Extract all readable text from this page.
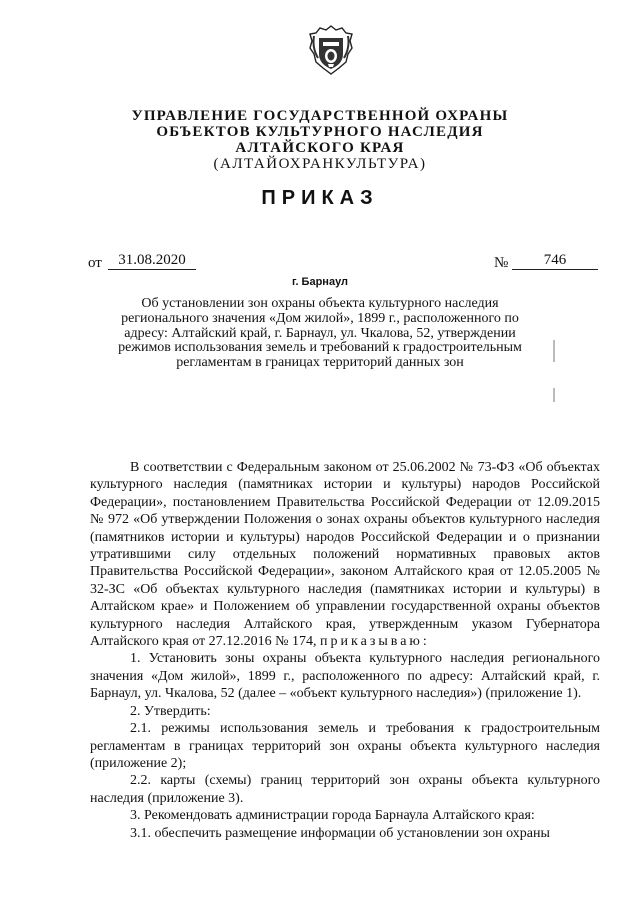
УПРАВЛЕНИЕ ГОСУДАРСТВЕННОЙ ОХРАНЫ
ОБЪЕКТОВ КУЛЬТУРНОГО НАСЛЕДИЯ
АЛТАЙСКОГО КРАЯ
(АЛТАЙОХРАНКУЛЬТУРА)
ПРИКАЗ
от	31.08.2020	№	746
г. Барнаул
Об установлении зон охраны объекта культурного наследия регионального значения «Дом жилой», 1899 г., расположенного по адресу: Алтайский край, г. Барнаул, ул. Чкалова, 52, утверждении режимов использования земель и требований к градостроительным регламентам в границах территорий данных зон

В соответствии с Федеральным законом от 25.06.2002 № 73-ФЗ «Об объектах культурного наследия (памятниках истории и культуры) народов Российской Федерации», постановлением Правительства Российской Федерации от 12.09.2015 № 972 «Об утверждении Положения о зонах охраны объектов культурного наследия (памятников истории и культуры) народов Российской Федерации и о признании утратившими силу отдельных положений нормативных правовых актов Правительства Российской Федерации», законом Алтайского края от 12.05.2005 № 32-ЗС «Об объектах культурного наследия (памятниках истории и культуры) в Алтайском крае» и Положением об управлении государственной охраны объектов культурного наследия Алтайского края, утвержденным указом Губернатора Алтайского края от 27.12.2016 № 174, приказываю:

1. Установить зоны охраны объекта культурного наследия регионального значения «Дом жилой», 1899 г., расположенного по адресу: Алтайский край, г. Барнаул, ул. Чкалова, 52 (далее – «объект культурного наследия») (приложение 1).

2. Утвердить:

2.1. режимы использования земель и требования к градостроительным регламентам в границах территорий зон охраны объекта культурного наследия (приложение 2);

2.2. карты (схемы) границ территорий зон охраны объекта культурного наследия (приложение 3).

3. Рекомендовать администрации города Барнаула Алтайского края:

3.1. обеспечить размещение информации об установлении зон охраны
